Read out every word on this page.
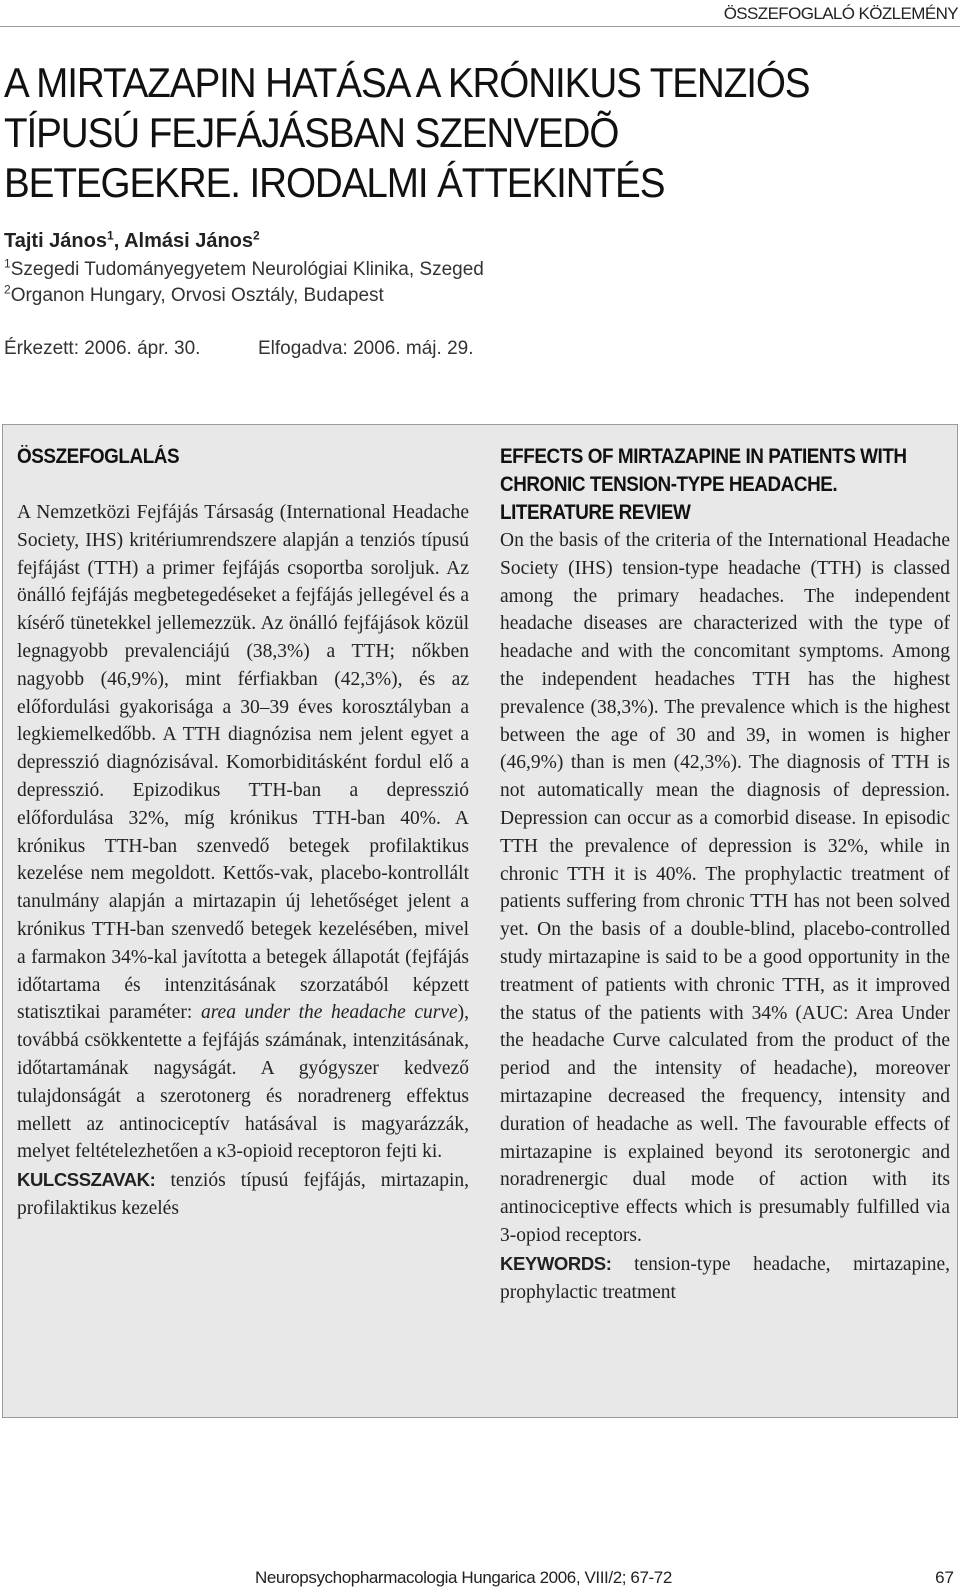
ÖSSZEFOGLALÓ KÖZLEMÉNY
A MIRTAZAPIN HATÁSA A KRÓNIKUS TENZIÓS TÍPUSÚ FEJFÁJÁSBAN SZENVEDÕ BETEGEKRE. IRODALMI ÁTTEKINTÉS
Tajti János$^1$, Almási János$^2$
$^1$Szegedi Tudományegyetem Neurológiai Klinika, Szeged
$^2$Organon Hungary, Orvosi Osztály, Budapest
Érkezett: 2006. ápr. 30.	Elfogadva: 2006. máj. 29.
ÖSSZEFOGLALÁS

A Nemzetközi Fejfájás Társaság (International Headache Society, IHS) kritériumrendszere alapján a tenziós típusú fejfájást (TTH) a primer fejfájás csoportba soroljuk. Az önálló fejfájás megbetegedéseket a fejfájás jellegével és a kísérő tünetekkel jellemezzük. Az önálló fejfájások közül legnagyobb prevalenciájú (38,3%) a TTH; nőkben nagyobb (46,9%), mint férfiakban (42,3%), és az előfordulási gyakorisága a 30–39 éves korosztályban a legkiemelkedőbb. A TTH diagnózisa nem jelent egyet a depresszió diagnózisával. Komorbiditásként fordul elő a depresszió. Epizodikus TTH-ban a depresszió előfordulása 32%, míg krónikus TTH-ban 40%. A krónikus TTH-ban szenvedő betegek profilaktikus kezelése nem megoldott. Kettős-vak, placebo-kontrollált tanulmány alapján a mirtazapin új lehetőséget jelent a krónikus TTH-ban szenvedő betegek kezelésében, mivel a farmakon 34%-kal javította a betegek állapotát (fejfájás időtartama és intenzitásának szorzatából képzett statisztikai paraméter: area under the headache curve), továbbá csökkentette a fejfájás számának, intenzitásának, időtartamának nagyságát. A gyógyszer kedvező tulajdonságát a szerotonerg és noradrenerg effektus mellett az antinociceptív hatásával is magyarázzák, melyet feltételezhetően a κ3-opioid receptoron fejti ki.

KULCSSZAVAK: tenziós típusú fejfájás, mirtazapin, profilaktikus kezelés

EFFECTS OF MIRTAZAPINE IN PATIENTS WITH
CHRONIC TENSION-TYPE HEADACHE.
LITERATURE REVIEW

On the basis of the criteria of the International Headache Society (IHS) tension-type headache (TTH) is classed among the primary headaches. The independent headache diseases are characterized with the type of headache and with the concomitant symptoms. Among the independent headaches TTH has the highest prevalence (38,3%). The prevalence which is the highest between the age of 30 and 39, in women is higher (46,9%) than is men (42,3%). The diagnosis of TTH is not automatically mean the diagnosis of depression. Depression can occur as a comorbid disease. In episodic TTH the prevalence of depression is 32%, while in chronic TTH it is 40%. The prophylactic treatment of patients suffering from chronic TTH has not been solved yet. On the basis of a double-blind, placebo-controlled study mirtazapine is said to be a good opportunity in the treatment of patients with chronic TTH, as it improved the status of the patients with 34% (AUC: Area Under the headache Curve calculated from the product of the period and the intensity of headache), moreover mirtazapine decreased the frequency, intensity and duration of headache as well. The favourable effects of mirtazapine is explained beyond its serotonergic and noradrenergic dual mode of action with its antinociceptive effects which is presumably fulfilled via 3-opiod receptors.

KEYWORDS: tension-type headache, mirtazapine, prophylactic treatment

Neuropsychopharmacologia Hungarica 2006, VIII/2; 67-72	67
